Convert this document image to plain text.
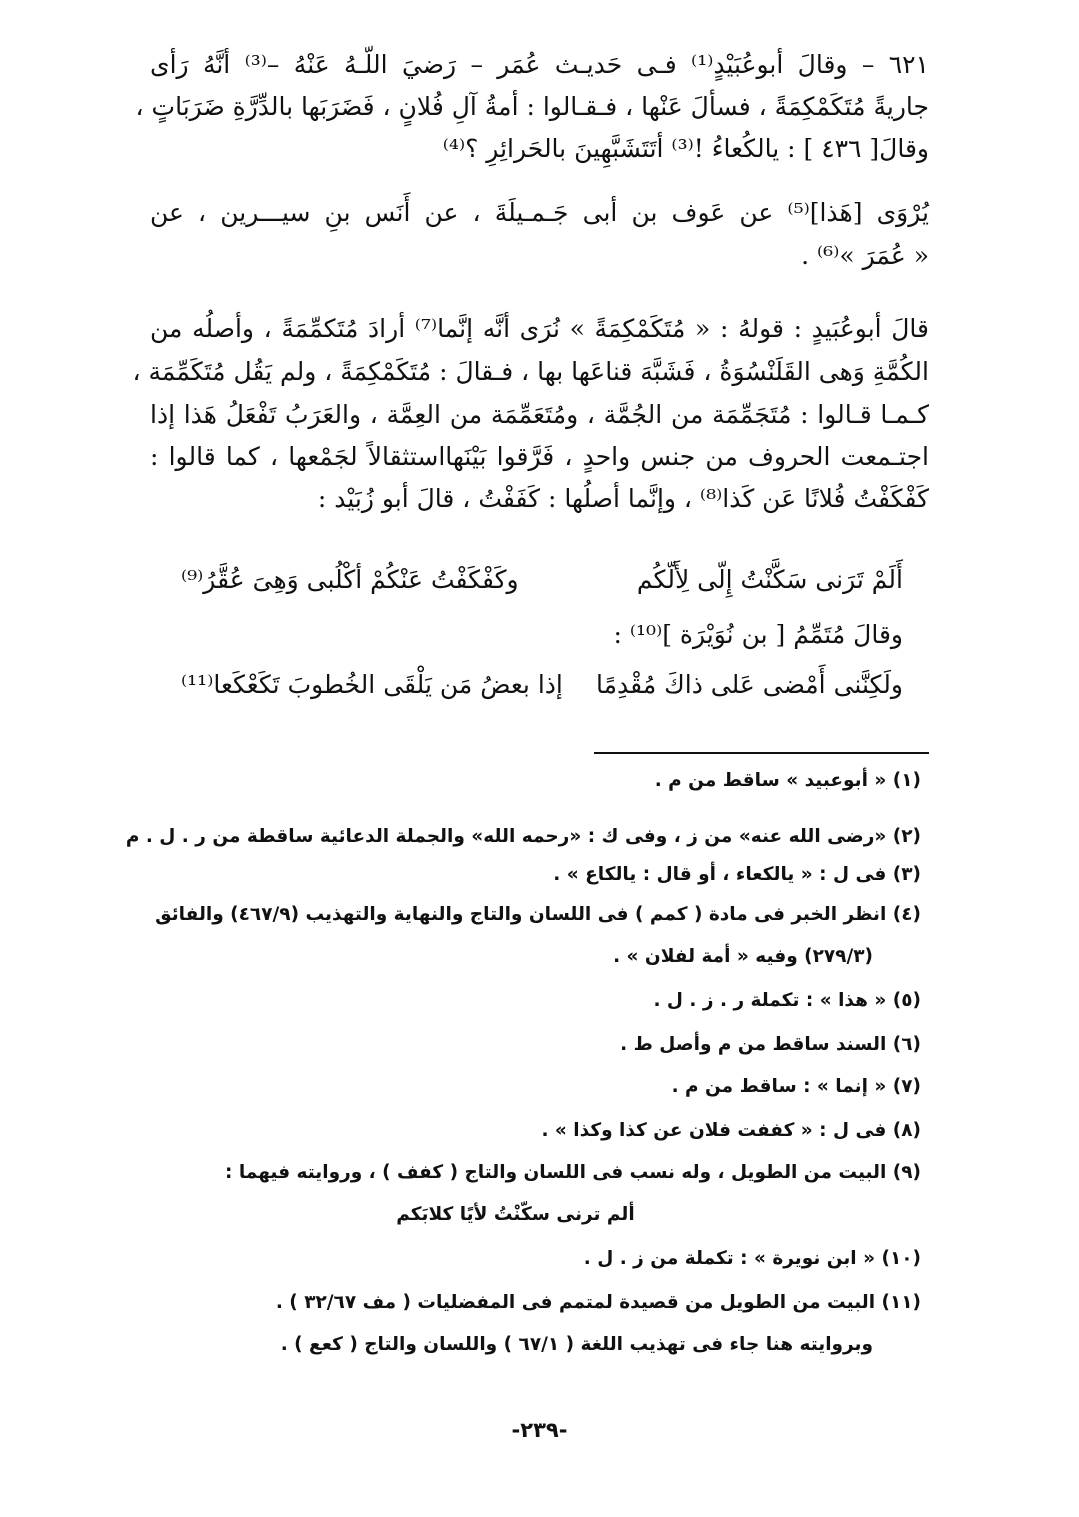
٦٢١ – وقالَ أبوعُبَيْدٍ⁽¹⁾ فـى حَديـث عُمَر – رَضيَ اللّـهُ عَنْهُ –⁽³⁾ أنَّهُ رَأى
جاريةً مُتَكَمْكِمَةً ، فسألَ عَنْها ، فـقـالوا : أمةُ آلِ فُلانٍ ، فَضَرَبَها بالدِّرَّةِ ضَرَبَاتٍ ،
وقالَ[ ٤٣٦ ] : يالكُعاءُ !⁽³⁾ أتَتَشَبَّهِينَ بالحَرائِرِ ؟⁽⁴⁾
يُرْوَى [هَذا]⁽⁵⁾ عن عَوف بن أبى جَـمـيلَةَ ، عن أَنَس بنِ سيـــرين ، عن
« عُمَرَ »⁽⁶⁾ .
قالَ أبوعُبَيدٍ : قولهُ : « مُتَكَمْكِمَةً » نُرَى أنَّه إنَّما⁽⁷⁾ أرادَ مُتَكمِّمَةً ، وأصلُه من
الكُمَّةِ وَهى القَلَنْسُوَةُ ، فَشَبَّهَ قناعَها بها ، فـقالَ : مُتَكَمْكِمَةً ، ولم يَقُل مُتَكَمِّمَة ،
كـمـا قـالوا : مُتَجَمِّمَة من الجُمَّة ، ومُتَعَمِّمَة من العِمَّة ، والعَرَبُ تَفْعَلُ هَذا إذا
اجتـمعت الحروف من جنس واحدٍ ، فَرَّقوا بَيْنَهااستثقالاً لجَمْعها ، كما قالوا :
كَفْكَفْتُ فُلانًا عَن كَذا⁽⁸⁾ ، وإنَّما أصلُها : كَفَفْتُ ، قالَ أبو زُبَيْد :
أَلَمْ تَرَنى سَكَّنْتُ إِلّى لِأَلّكُم
وكَفْكَفْتُ عَنْكُمْ أكْلُبى وَهِىَ عُقَّرُ⁽⁹⁾
وقالَ مُتَمِّمُ [ بن نُوَيْرَة ]⁽¹⁰⁾ :
ولَكِنَّنى أَمْضى عَلى ذاكَ مُقْدِمًا
إذا بعضُ مَن يَلْقَى الخُطوبَ تَكَعْكَعا⁽¹¹⁾
(١) « أبوعبيد » ساقط من م .
(٢) «رضى الله عنه» من ز ، وفى ك : «رحمه الله» والجملة الدعائية ساقطة من ر . ل . م
(٣) فى ل : « يالكعاء ، أو قال : يالكاع » .
(٤) انظر الخبر فى مادة ( كمم ) فى اللسان والتاج والنهاية والتهذيب (٤٦٧/٩) والفائق
(٢٧٩/٣) وفيه « أمة لفلان » .
(٥) « هذا » : تكملة ر . ز . ل .
(٦) السند ساقط من م وأصل ط .
(٧) « إنما » : ساقط من م .
(٨) فى ل : « كففت فلان عن كذا وكذا » .
(٩) البيت من الطويل ، وله نسب فى اللسان والتاج ( كفف ) ، وروايته فيهما :
ألم ترنى سكّنْتُ لأيًا كلابَكم
(١٠) « ابن نويرة » : تكملة من ز . ل .
(١١) البيت من الطويل من قصيدة لمتمم فى المفضليات ( مف ٣٢/٦٧ ) .
وبروايته هنا جاء فى تهذيب اللغة ( ٦٧/١ ) واللسان والتاج ( كعع ) .
-٢٣٩-
